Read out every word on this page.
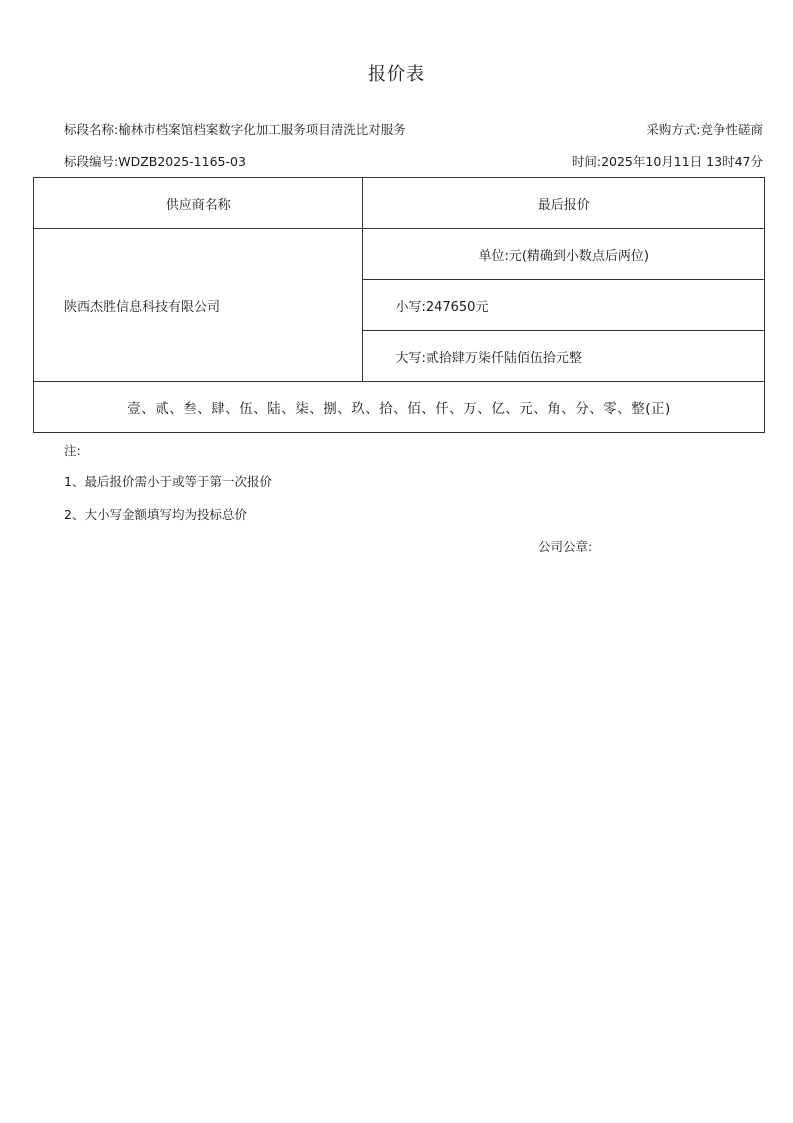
报价表
标段名称:榆林市档案馆档案数字化加工服务项目清洗比对服务	采购方式:竞争性磋商
标段编号:WDZB2025-1165-03	时间:2025年10月11日 13时47分
供应商名称	最后报价
陕西杰胜信息科技有限公司	单位:元(精确到小数点后两位)
	小写:247650元
	大写:贰拾肆万柒仟陆佰伍拾元整
壹、贰、叁、肆、伍、陆、柒、捌、玖、拾、佰、仟、万、亿、元、角、分、零、整(正)	
注:
1、最后报价需小于或等于第一次报价
2、大小写金额填写均为投标总价
公司公章:
